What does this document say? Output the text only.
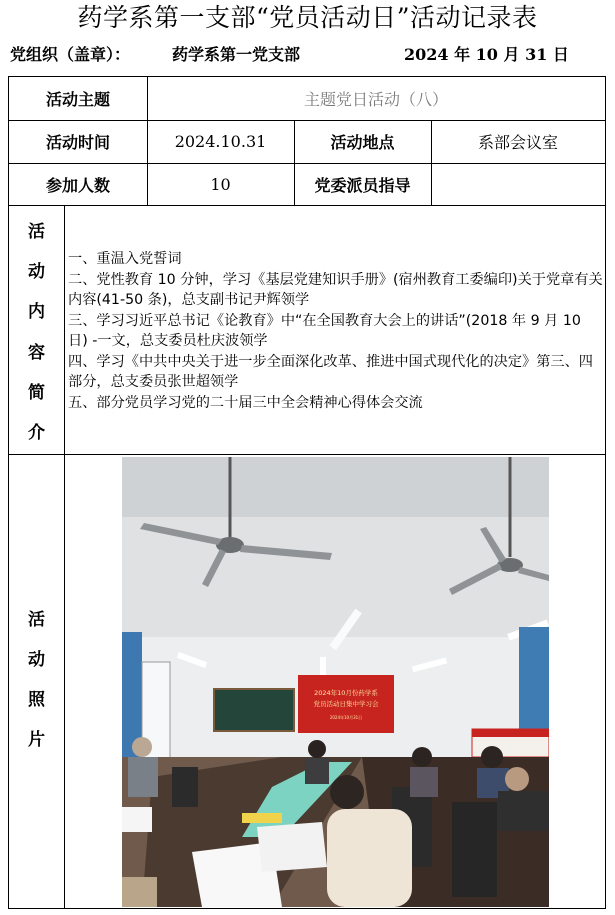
药学系第一支部“党员活动日”活动记录表
党组织（盖章）：	药学系第一党支部	2024 年 10 月 31 日
活动主题	主题党日活动（八）
活动时间	2024.10.31	活动地点	系部会议室
参加人数	10	党委派员指导
活
动
内
容
简
介
一、重温入党誓词
二、党性教育 10 分钟，学习《基层党建知识手册》(宿州教育工委编印)关于党章有关内容(41-50 条)，总支副书记尹辉领学
三、学习习近平总书记《论教育》中“在全国教育大会上的讲话”(2018 年 9 月 10 日) -一文，总支委员杜庆波领学
四、学习《中共中央关于进一步全面深化改革、推进中国式现代化的决定》第三、四部分，总支委员张世超领学
五、部分党员学习党的二十届三中全会精神心得体会交流
活
动
照
片
2024年10月份药学系
党员活动日集中学习会
2024年10月31日
